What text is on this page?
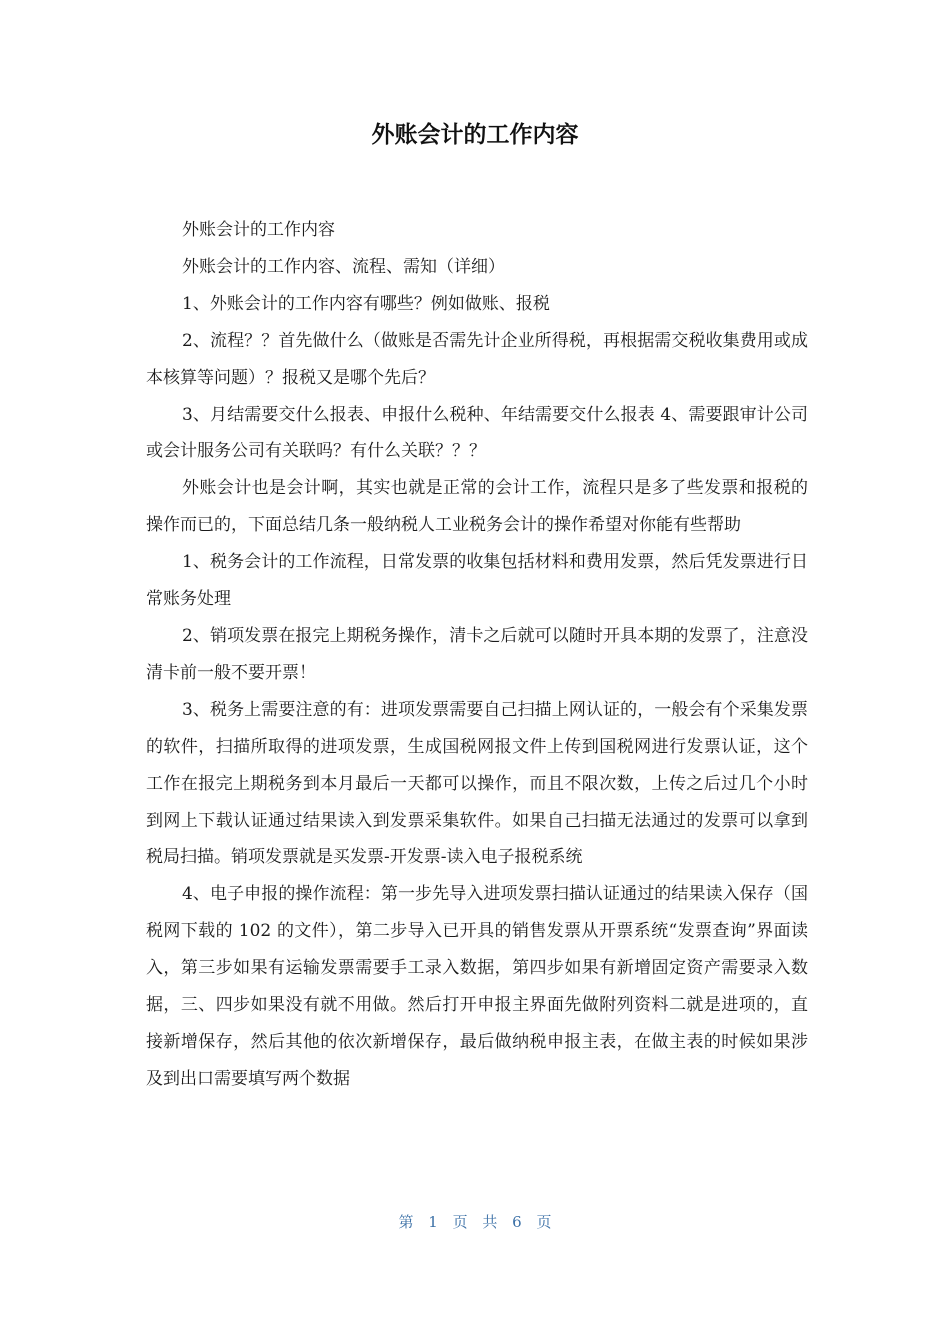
外账会计的工作内容

外账会计的工作内容

外账会计的工作内容、流程、需知（详细）

1、外账会计的工作内容有哪些？例如做账、报税

2、流程？？首先做什么（做账是否需先计企业所得税，再根据需交税收集费用或成本核算等问题）？报税又是哪个先后？

3、月结需要交什么报表、申报什么税种、年结需要交什么报表 4、需要跟审计公司或会计服务公司有关联吗？有什么关联？？？

外账会计也是会计啊，其实也就是正常的会计工作，流程只是多了些发票和报税的操作而已的，下面总结几条一般纳税人工业税务会计的操作希望对你能有些帮助

1、税务会计的工作流程，日常发票的收集包括材料和费用发票，然后凭发票进行日常账务处理

2、销项发票在报完上期税务操作，清卡之后就可以随时开具本期的发票了，注意没清卡前一般不要开票！

3、税务上需要注意的有：进项发票需要自己扫描上网认证的，一般会有个采集发票的软件，扫描所取得的进项发票，生成国税网报文件上传到国税网进行发票认证，这个工作在报完上期税务到本月最后一天都可以操作，而且不限次数，上传之后过几个小时到网上下载认证通过结果读入到发票采集软件。如果自己扫描无法通过的发票可以拿到税局扫描。销项发票就是买发票-开发票-读入电子报税系统

4、电子申报的操作流程：第一步先导入进项发票扫描认证通过的结果读入保存（国税网下载的 102 的文件），第二步导入已开具的销售发票从开票系统“发票查询”界面读入，第三步如果有运输发票需要手工录入数据，第四步如果有新增固定资产需要录入数据，三、四步如果没有就不用做。然后打开申报主界面先做附列资料二就是进项的，直接新增保存，然后其他的依次新增保存，最后做纳税申报主表，在做主表的时候如果涉及到出口需要填写两个数据

第 1 页 共 6 页
